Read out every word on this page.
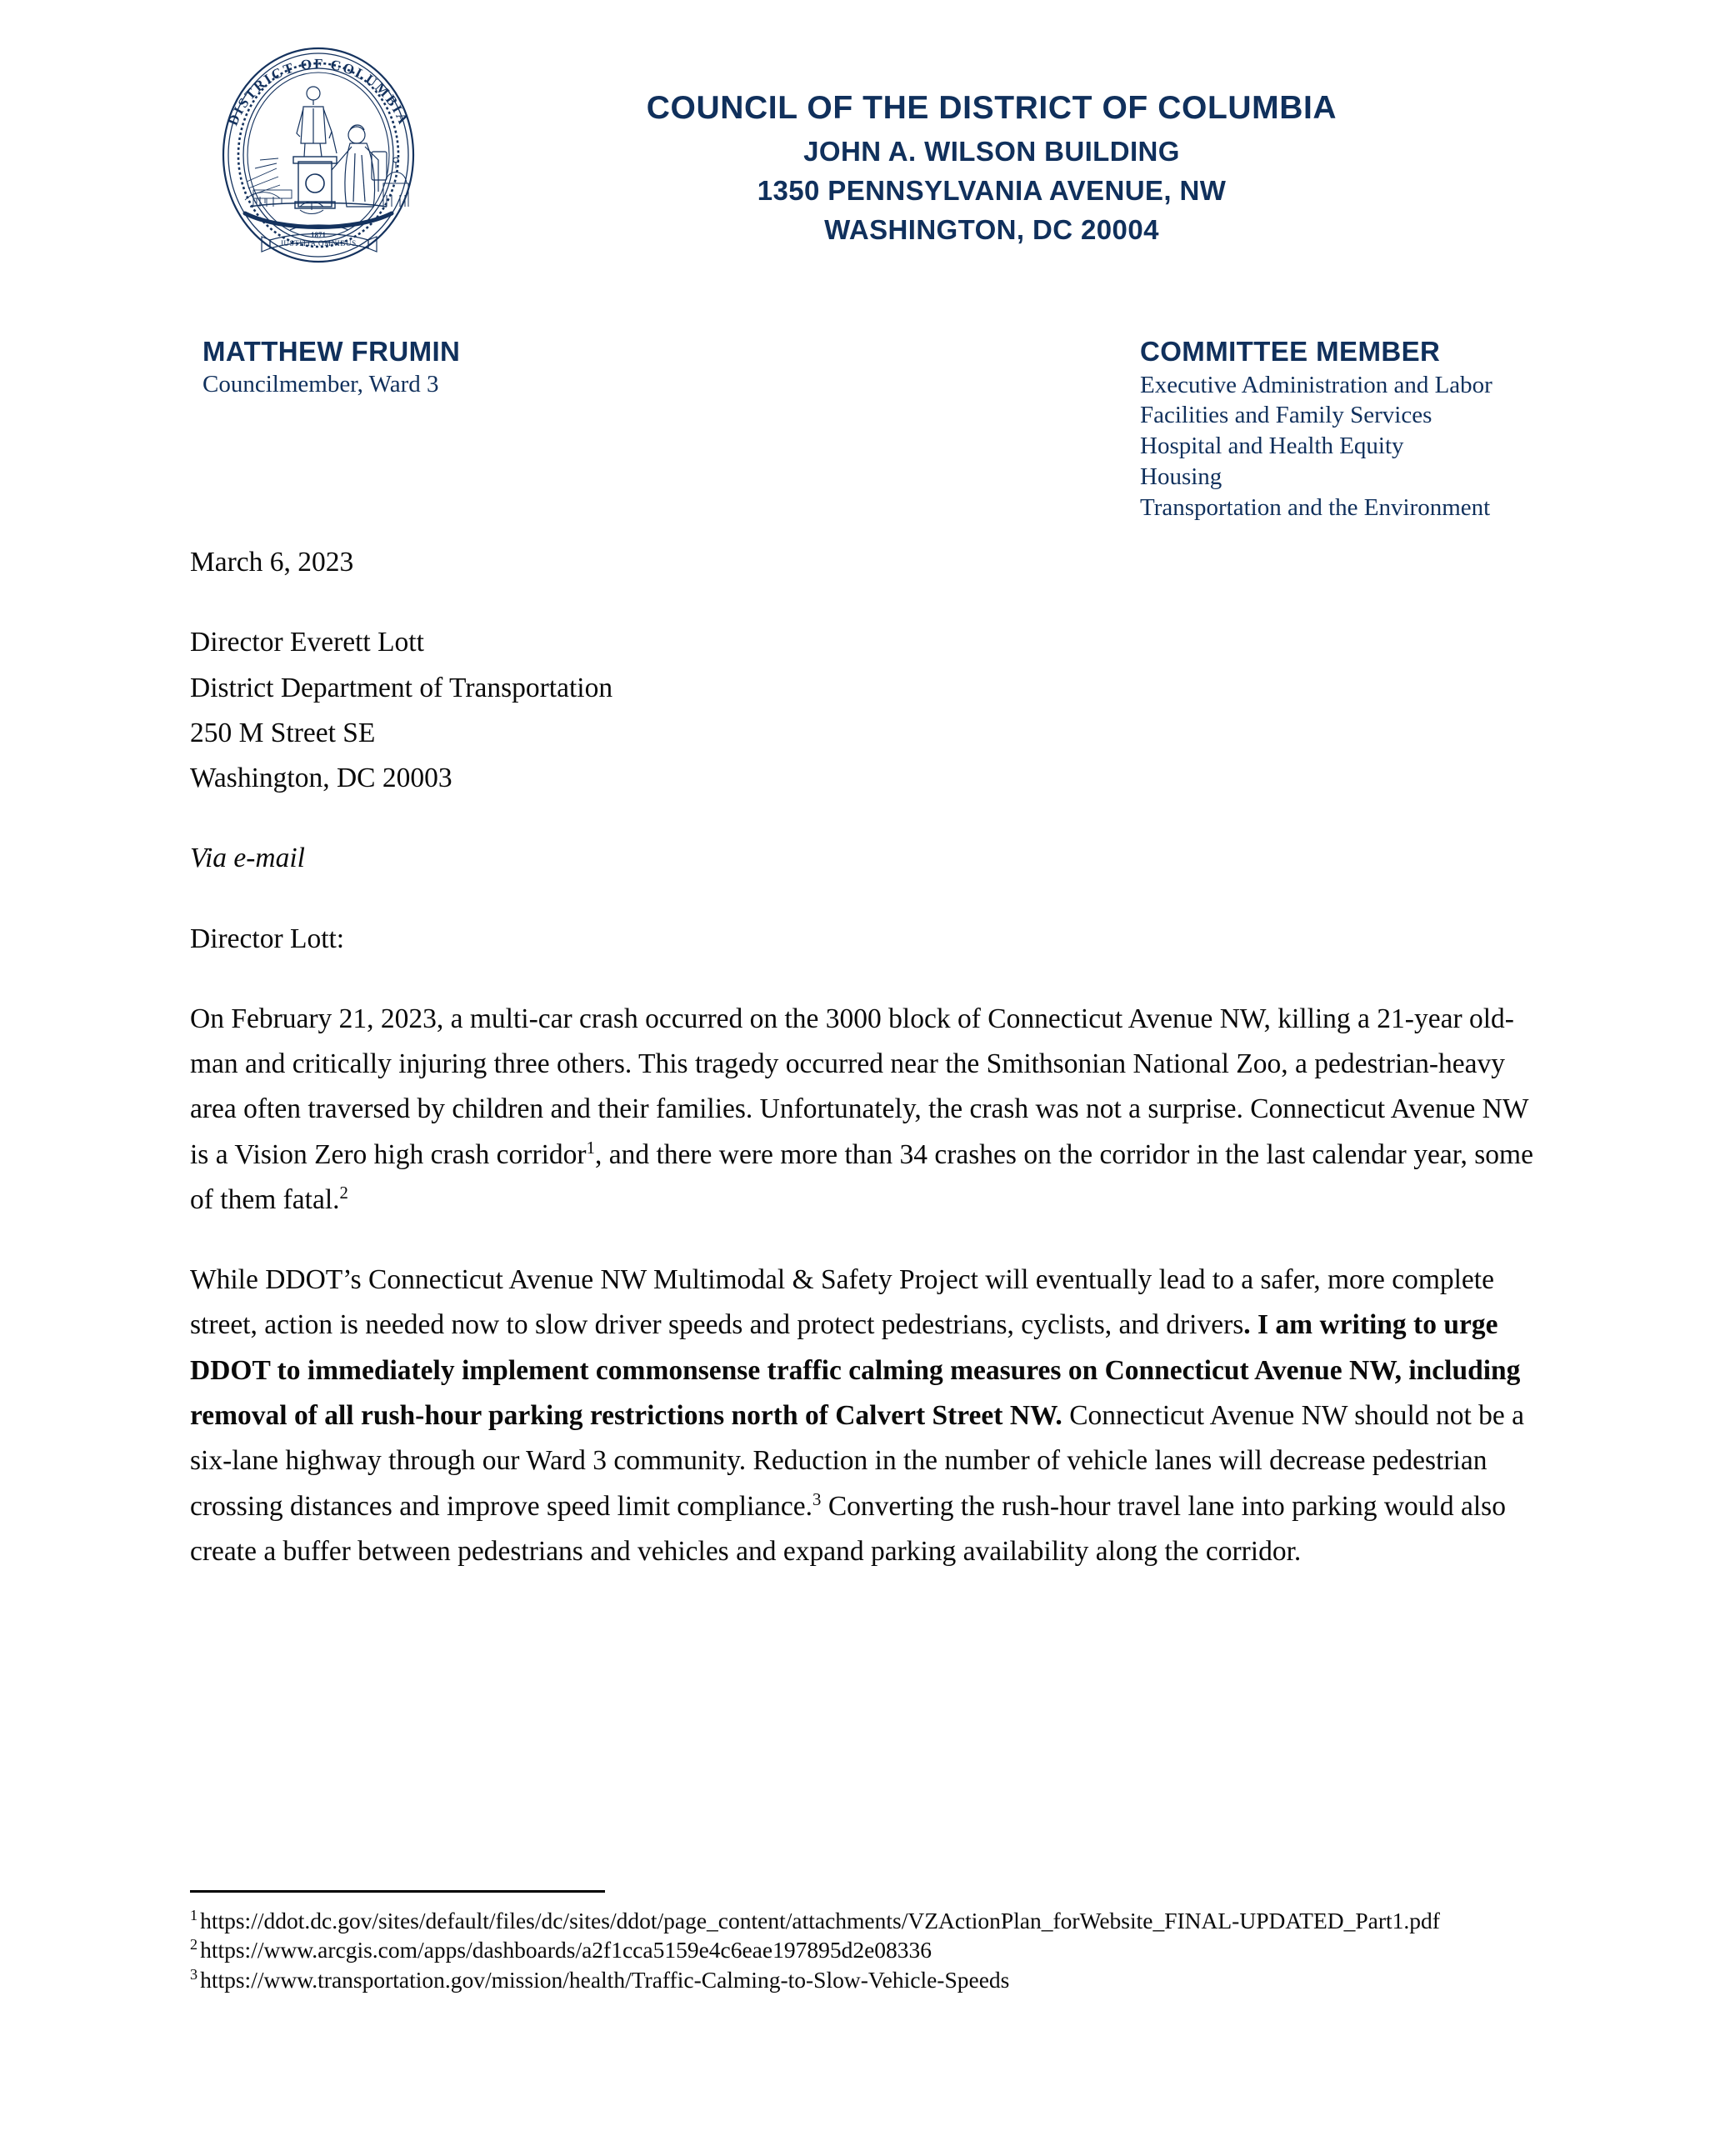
DISTRICT OF COLUMBIA
JUSTITIA OMNIBUS
1871
COUNCIL OF THE DISTRICT OF COLUMBIA
JOHN A. WILSON BUILDING
1350 PENNSYLVANIA AVENUE, NW
WASHINGTON, DC 20004
MATTHEW FRUMIN
Councilmember, Ward 3
COMMITTEE MEMBER
Executive Administration and Labor
Facilities and Family Services
Hospital and Health Equity
Housing
Transportation and the Environment
March 6, 2023
Director Everett Lott
District Department of Transportation
250 M Street SE
Washington, DC 20003
Via e-mail
Director Lott:
On February 21, 2023, a multi-car crash occurred on the 3000 block of Connecticut Avenue NW, killing a 21-year old-man and critically injuring three others. This tragedy occurred near the Smithsonian National Zoo, a pedestrian-heavy area often traversed by children and their families. Unfortunately, the crash was not a surprise. Connecticut Avenue NW is a Vision Zero high crash corridor$^1$, and there were more than 34 crashes on the corridor in the last calendar year, some of them fatal.$^2$
While DDOT’s Connecticut Avenue NW Multimodal & Safety Project will eventually lead to a safer, more complete street, action is needed now to slow driver speeds and protect pedestrians, cyclists, and drivers. I am writing to urge DDOT to immediately implement commonsense traffic calming measures on Connecticut Avenue NW, including removal of all rush-hour parking restrictions north of Calvert Street NW. Connecticut Avenue NW should not be a six-lane highway through our Ward 3 community. Reduction in the number of vehicle lanes will decrease pedestrian crossing distances and improve speed limit compliance.$^3$ Converting the rush-hour travel lane into parking would also create a buffer between pedestrians and vehicles and expand parking availability along the corridor.
$^1$ https://ddot.dc.gov/sites/default/files/dc/sites/ddot/page_content/attachments/VZActionPlan_forWebsite_FINAL-UPDATED_Part1.pdf
$^2$ https://www.arcgis.com/apps/dashboards/a2f1cca5159e4c6eae197895d2e08336
$^3$ https://www.transportation.gov/mission/health/Traffic-Calming-to-Slow-Vehicle-Speeds
